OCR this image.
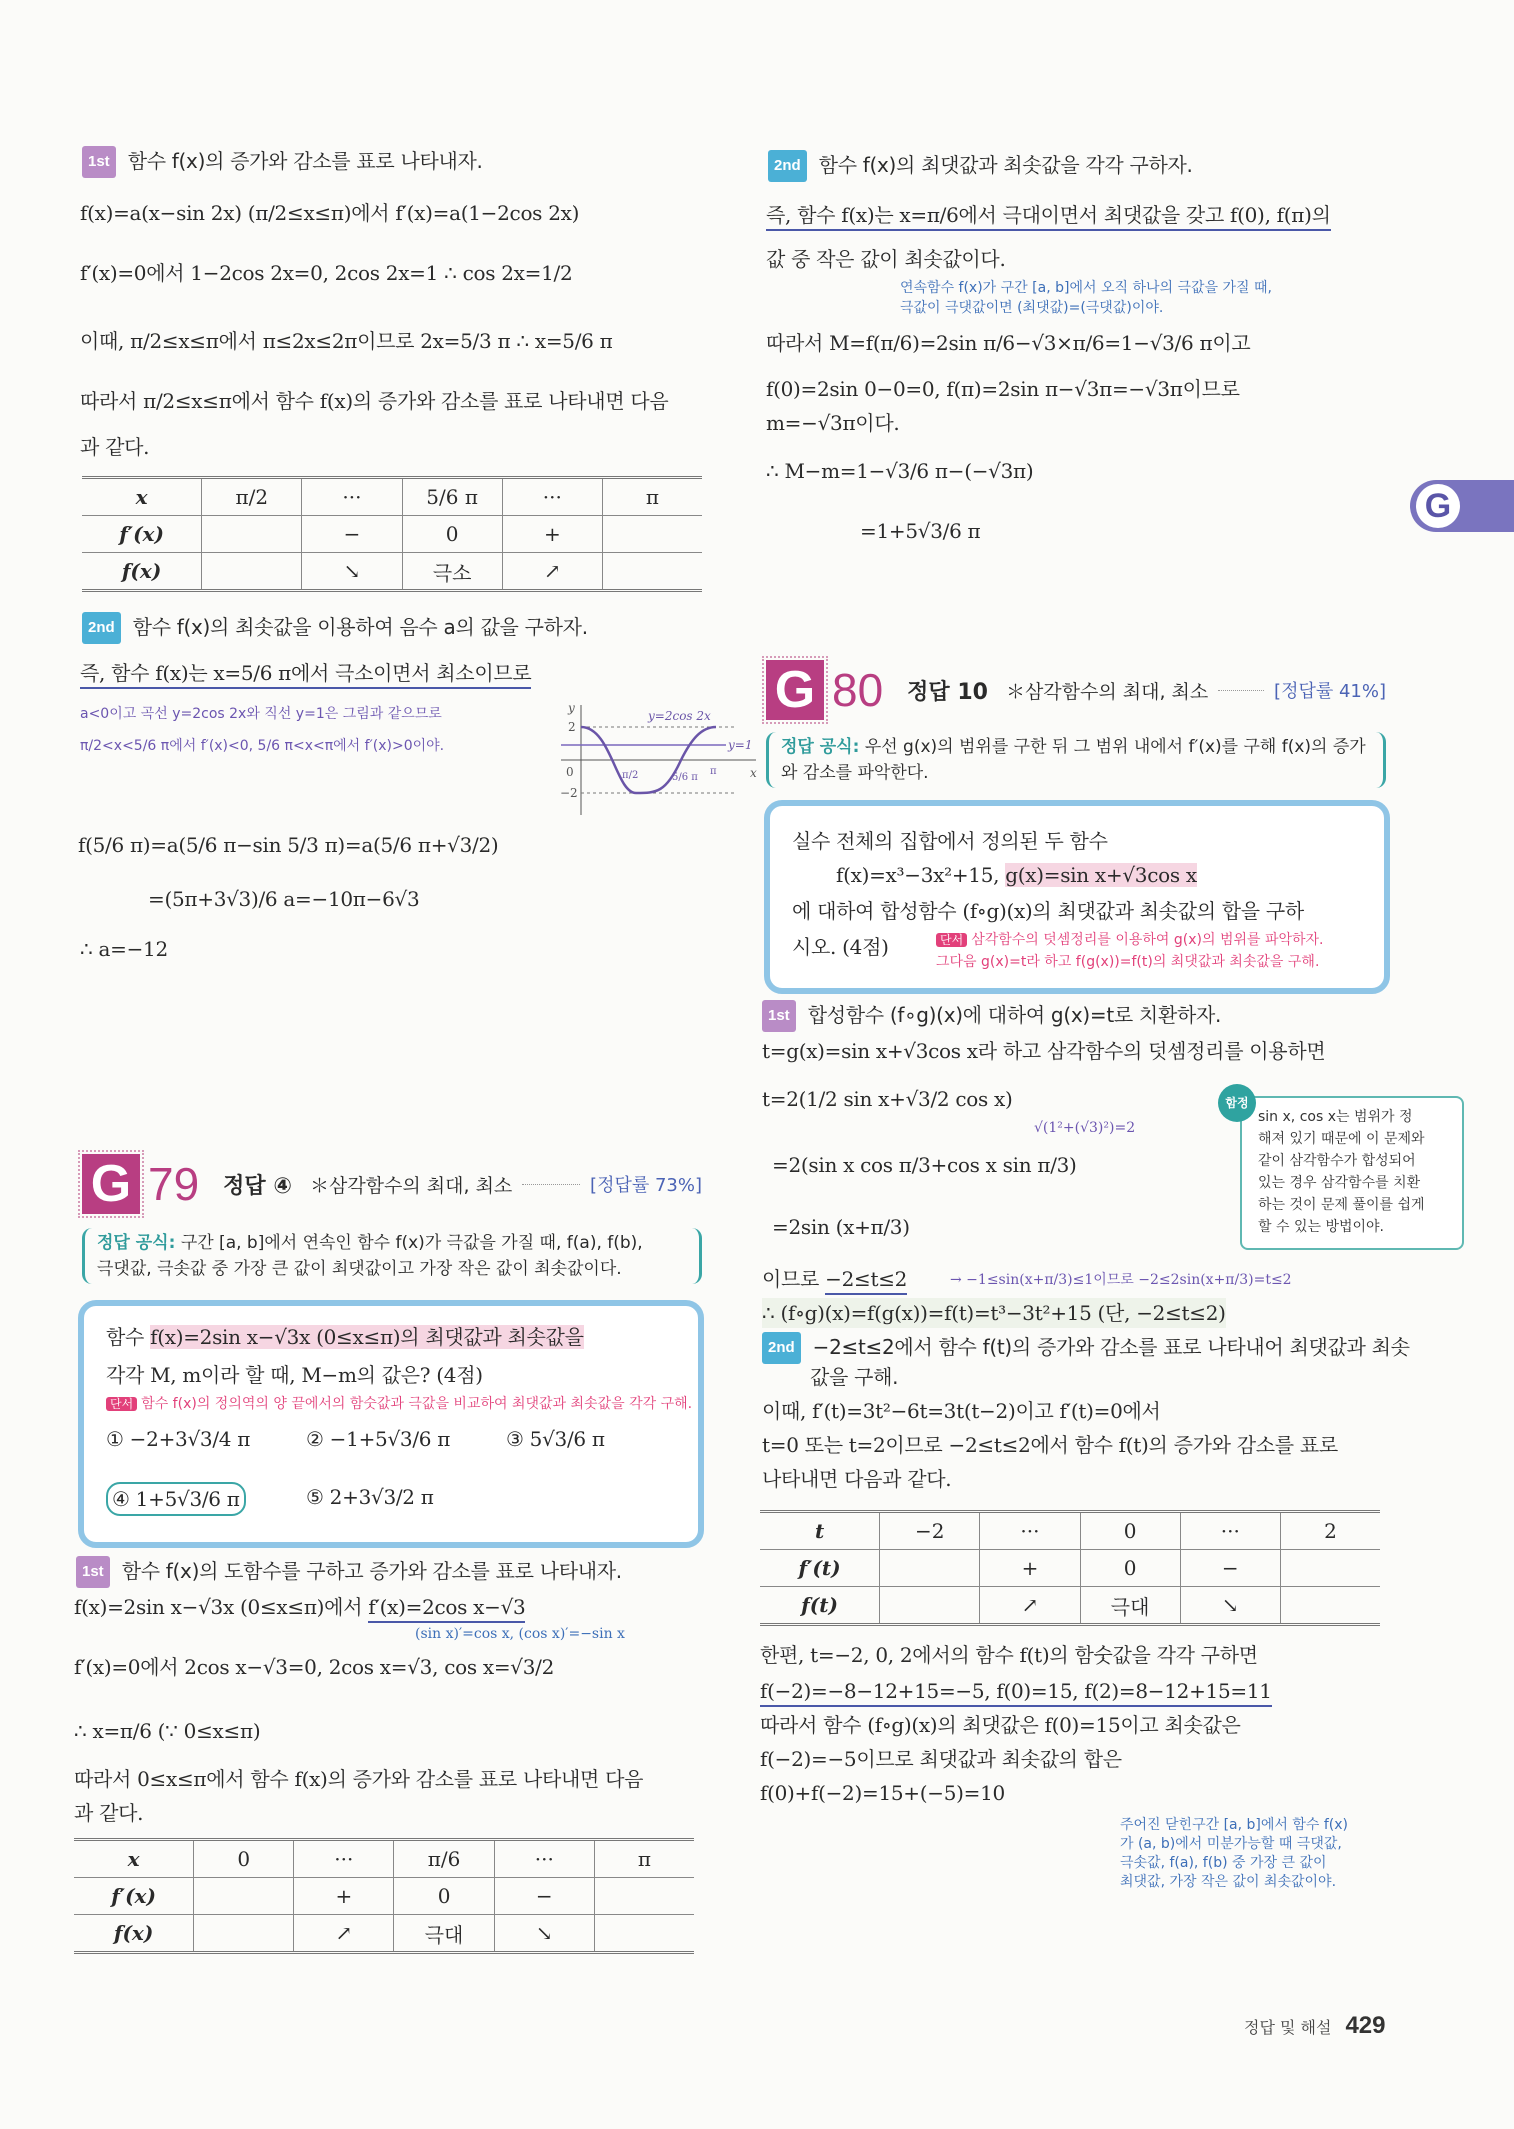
1st 함수 f(x)의 증가와 감소를 표로 나타내자.
f(x)=a(x−sin 2x) (π/2≤x≤π)에서 f′(x)=a(1−2cos 2x)
f′(x)=0에서 1−2cos 2x=0, 2cos 2x=1 ∴ cos 2x=1/2
이때, π/2≤x≤π에서 π≤2x≤2π이므로 2x=5/3 π ∴ x=5/6 π
따라서 π/2≤x≤π에서 함수 f(x)의 증가와 감소를 표로 나타내면 다음
과 같다.
x	π/2	···	5/6 π	···	π
f′(x)		−	0	+	
f(x)		↘	극소	↗	
2nd 함수 f(x)의 최솟값을 이용하여 음수 a의 값을 구하자.
즉, 함수 f(x)는 x=5/6 π에서 극소이면서 최소이므로
a<0이고 곡선 y=2cos 2x와 직선 y=1은 그림과 같으므로
π/2<x<5/6 π에서 f′(x)<0, 5/6 π<x<π에서 f′(x)>0이야.
f(5/6 π)=a(5/6 π−sin 5/3 π)=a(5/6 π+√3/2)
=(5π+3√3)/6 a=−10π−6√3
∴ a=−12
y
x
0
2
−2
y=2cos 2x
y=1
π/2	5/6 π
π
G 79 정답 ④ ＊삼각함수의 최대, 최소	[정답률 73%]
정답 공식: 구간 [a, b]에서 연속인 함수 f(x)가 극값을 가질 때, f(a), f(b),
극댓값, 극솟값 중 가장 큰 값이 최댓값이고 가장 작은 값이 최솟값이다.
함수 f(x)=2sin x−√3x (0≤x≤π)의 최댓값과 최솟값을
각각 M, m이라 할 때, M−m의 값은? (4점)
단서 함수 f(x)의 정의역의 양 끝에서의 함숫값과 극값을 비교하여 최댓값과 최솟값을 각각 구해.
① −2+3√3/4 π	② −1+5√3/6 π	③ 5√3/6 π
④ 1+5√3/6 π	⑤ 2+3√3/2 π
1st 함수 f(x)의 도함수를 구하고 증가와 감소를 표로 나타내자.
f(x)=2sin x−√3x (0≤x≤π)에서 f′(x)=2cos x−√3
(sin x)′=cos x, (cos x)′=−sin x
f′(x)=0에서 2cos x−√3=0, 2cos x=√3, cos x=√3/2
∴ x=π/6 (∵ 0≤x≤π)
따라서 0≤x≤π에서 함수 f(x)의 증가와 감소를 표로 나타내면 다음
과 같다.
x	0	···	π/6	···	π
f′(x)		+	0	−	
f(x)		↗	극대	↘	
2nd 함수 f(x)의 최댓값과 최솟값을 각각 구하자.
즉, 함수 f(x)는 x=π/6에서 극대이면서 최댓값을 갖고 f(0), f(π)의
값 중 작은 값이 최솟값이다.
연속함수 f(x)가 구간 [a, b]에서 오직 하나의 극값을 가질 때,
극값이 극댓값이면 (최댓값)=(극댓값)이야.
따라서 M=f(π/6)=2sin π/6−√3×π/6=1−√3/6 π이고
f(0)=2sin 0−0=0, f(π)=2sin π−√3π=−√3π이므로
m=−√3π이다.
∴ M−m=1−√3/6 π−(−√3π)
=1+5√3/6 π
G
G 80 정답 10 ＊삼각함수의 최대, 최소	[정답률 41%]
정답 공식: 우선 g(x)의 범위를 구한 뒤 그 범위 내에서 f′(x)를 구해 f(x)의 증가
와 감소를 파악한다.
실수 전체의 집합에서 정의된 두 함수
f(x)=x³−3x²+15, g(x)=sin x+√3cos x
에 대하여 합성함수 (f∘g)(x)의 최댓값과 최솟값의 합을 구하
시오. (4점)	단서 삼각함수의 덧셈정리를 이용하여 g(x)의 범위를 파악하자.
그다음 g(x)=t라 하고 f(g(x))=f(t)의 최댓값과 최솟값을 구해.
1st 합성함수 (f∘g)(x)에 대하여 g(x)=t로 치환하자.
t=g(x)=sin x+√3cos x라 하고 삼각함수의 덧셈정리를 이용하면
t=2(1/2 sin x+√3/2 cos x)
√(1²+(√3)²)=2
=2(sin x cos π/3+cos x sin π/3)
=2sin (x+π/3)
이므로 −2≤t≤2	→ −1≤sin(x+π/3)≤1이므로 −2≤2sin(x+π/3)=t≤2
∴ (f∘g)(x)=f(g(x))=f(t)=t³−3t²+15 (단, −2≤t≤2)
함정
sin x, cos x는 범위가 정
해져 있기 때문에 이 문제와
같이 삼각함수가 합성되어
있는 경우 삼각함수를 치환
하는 것이 문제 풀이를 쉽게
할 수 있는 방법이야.
2nd −2≤t≤2에서 함수 f(t)의 증가와 감소를 표로 나타내어 최댓값과 최솟
값을 구해.
이때, f′(t)=3t²−6t=3t(t−2)이고 f′(t)=0에서
t=0 또는 t=2이므로 −2≤t≤2에서 함수 f(t)의 증가와 감소를 표로
나타내면 다음과 같다.
t	−2	···	0	···	2
f′(t)		+	0	−	
f(t)		↗	극대	↘	
한편, t=−2, 0, 2에서의 함수 f(t)의 함숫값을 각각 구하면
f(−2)=−8−12+15=−5, f(0)=15, f(2)=8−12+15=11
따라서 함수 (f∘g)(x)의 최댓값은 f(0)=15이고 최솟값은
f(−2)=−5이므로 최댓값과 최솟값의 합은
f(0)+f(−2)=15+(−5)=10
주어진 닫힌구간 [a, b]에서 함수 f(x)
가 (a, b)에서 미분가능할 때 극댓값,
극솟값, f(a), f(b) 중 가장 큰 값이
최댓값, 가장 작은 값이 최솟값이야.
정답 및 해설 429
